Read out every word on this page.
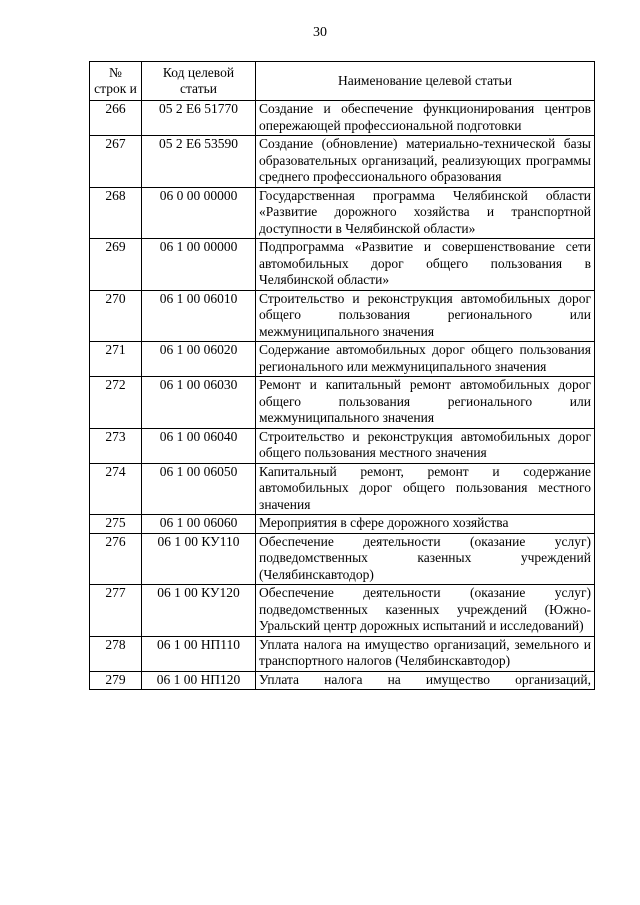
30
№ строк и	Код целевой статьи	Наименование целевой статьи
266	05 2 Е6 51770	Создание и обеспечение функционирования центров опережающей профессиональной подготовки
267	05 2 Е6 53590	Создание (обновление) материально-технической базы образовательных организаций, реализующих программы среднего профессионального образования
268	06 0 00 00000	Государственная программа Челябинской области «Развитие дорожного хозяйства и транспортной доступности в Челябинской области»
269	06 1 00 00000	Подпрограмма «Развитие и совершенствование сети автомобильных дорог общего пользования в Челябинской области»
270	06 1 00 06010	Строительство и реконструкция автомобильных дорог общего пользования регионального или межмуниципального значения
271	06 1 00 06020	Содержание автомобильных дорог общего пользования регионального или межмуниципального значения
272	06 1 00 06030	Ремонт и капитальный ремонт автомобильных дорог общего пользования регионального или межмуниципального значения
273	06 1 00 06040	Строительство и реконструкция автомобильных дорог общего пользования местного значения
274	06 1 00 06050	Капитальный ремонт, ремонт и содержание автомобильных дорог общего пользования местного значения
275	06 1 00 06060	Мероприятия в сфере дорожного хозяйства
276	06 1 00 КУ110	Обеспечение деятельности (оказание услуг) подведомственных казенных учреждений (Челябинскавтодор)
277	06 1 00 КУ120	Обеспечение деятельности (оказание услуг) подведомственных казенных учреждений (Южно-Уральский центр дорожных испытаний и исследований)
278	06 1 00 НП110	Уплата налога на имущество организаций, земельного и транспортного налогов (Челябинскавтодор)
279	06 1 00 НП120	Уплата налога на имущество организаций,
